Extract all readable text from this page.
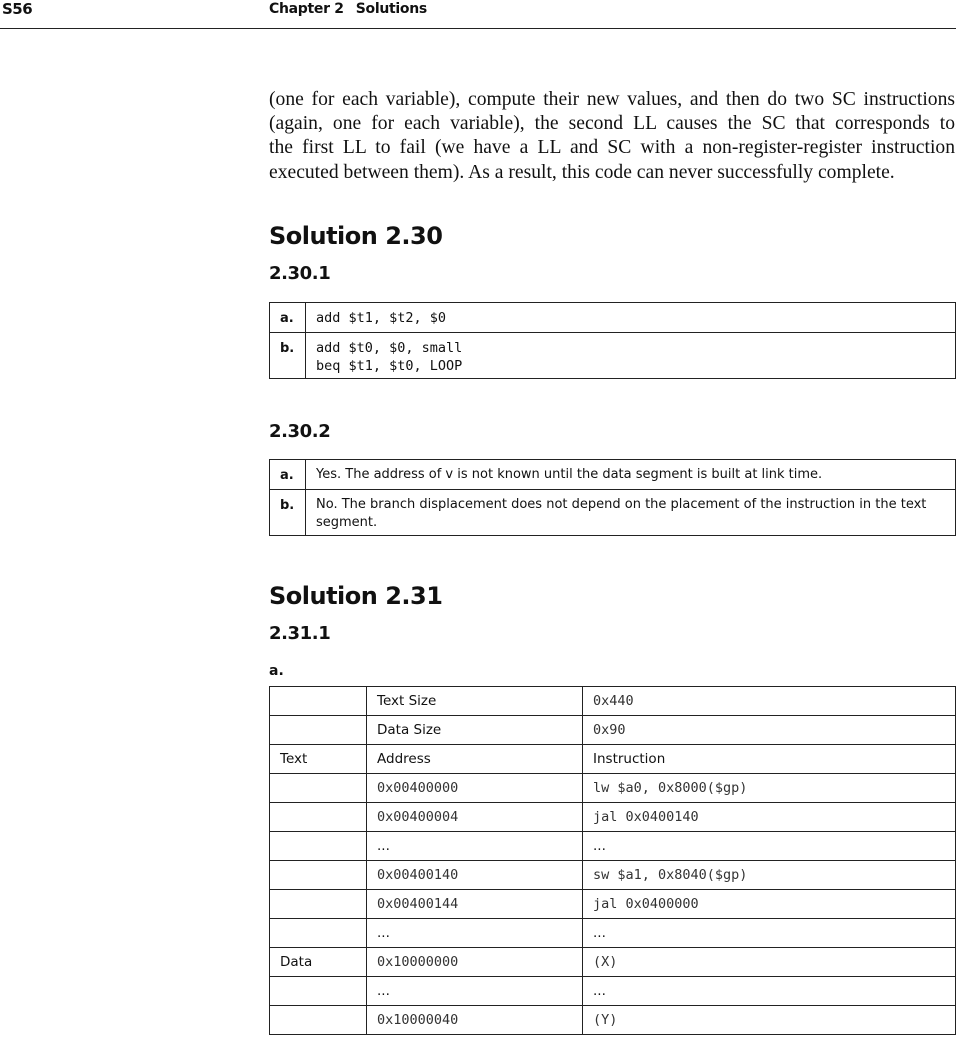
S56	Chapter 2 Solutions
(one for each variable), compute their new values, and then do two SC instructions
(again, one for each variable), the second LL causes the SC that corresponds to
the first LL to fail (we have a LL and SC with a non-register-register instruction
executed between them). As a result, this code can never successfully complete.
Solution 2.30
2.30.1
a.	add $t1, $t2, $0

b.	add $t0, $0, small
beq $t1, $t0, LOOP
2.30.2
a.	Yes. The address of v is not known until the data segment is built at link time.
b.	No. The branch displacement does not depend on the placement of the instruction in the text segment.
Solution 2.31
2.31.1
a.
	Text Size	0x440
	Data Size	0x90
Text	Address	Instruction
	0x00400000	lw $a0, 0x8000($gp)
	0x00400004	jal 0x0400140
	...	...
	0x00400140	sw $a1, 0x8040($gp)
	0x00400144	jal 0x0400000
	...	...
Data	0x10000000	(X)
	...	...
	0x10000040	(Y)
